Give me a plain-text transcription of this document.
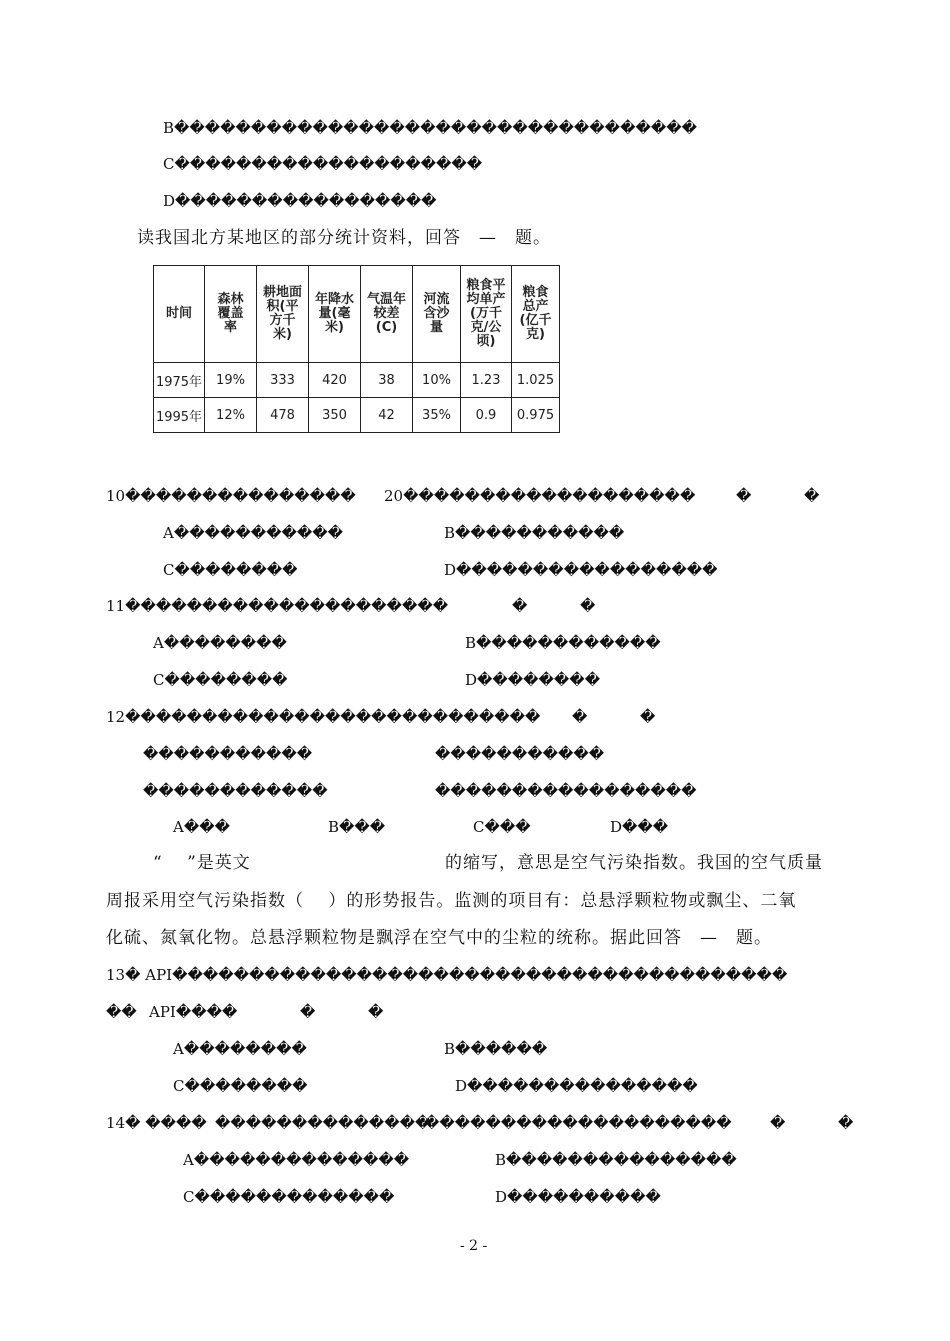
B����������������������������������
C��������������������
D�����������������
读我国北方某地区的部分统计资料，回答　—　题。
时间	森林覆盖率	耕地面积(平方千米)	年降水量(毫米)	气温年较差(C)	河流含沙量	粮食平均单产(万千克/公顷)	粮食总产(亿千克)
1975年	19%	333	420	38	10%	1.23	1.025
1995年	12%	478	350	42	35%	0.9	0.975
10��������������� 20�������������������	�	�
A�����������	B�����������
C��������	D�����������������
11���������������������	�	�
A��������	B������������
C��������	D��������
12��������������������������� �	�
�����������	�����������
������������	�����������������
A���	B���	C���	D���
“　 ”是英文	的缩写，意思是空气污染指数。我国的空气质量
周报采用空气污染指数（　 ）的形势报告。监测的项目有：总悬浮颗粒物或飘尘、二氧
化硫、氮氧化物。总悬浮颗粒物是飘浮在空气中的尘粒的统称。据此回答　—　题。
13� API����������������������������������������
�� API����	�	�
A��������	B������
C��������	D���������������
14� ���� ��������������
��������������������	�	�
A��������������	B���������������
C�������������	D����������
- 2 -
